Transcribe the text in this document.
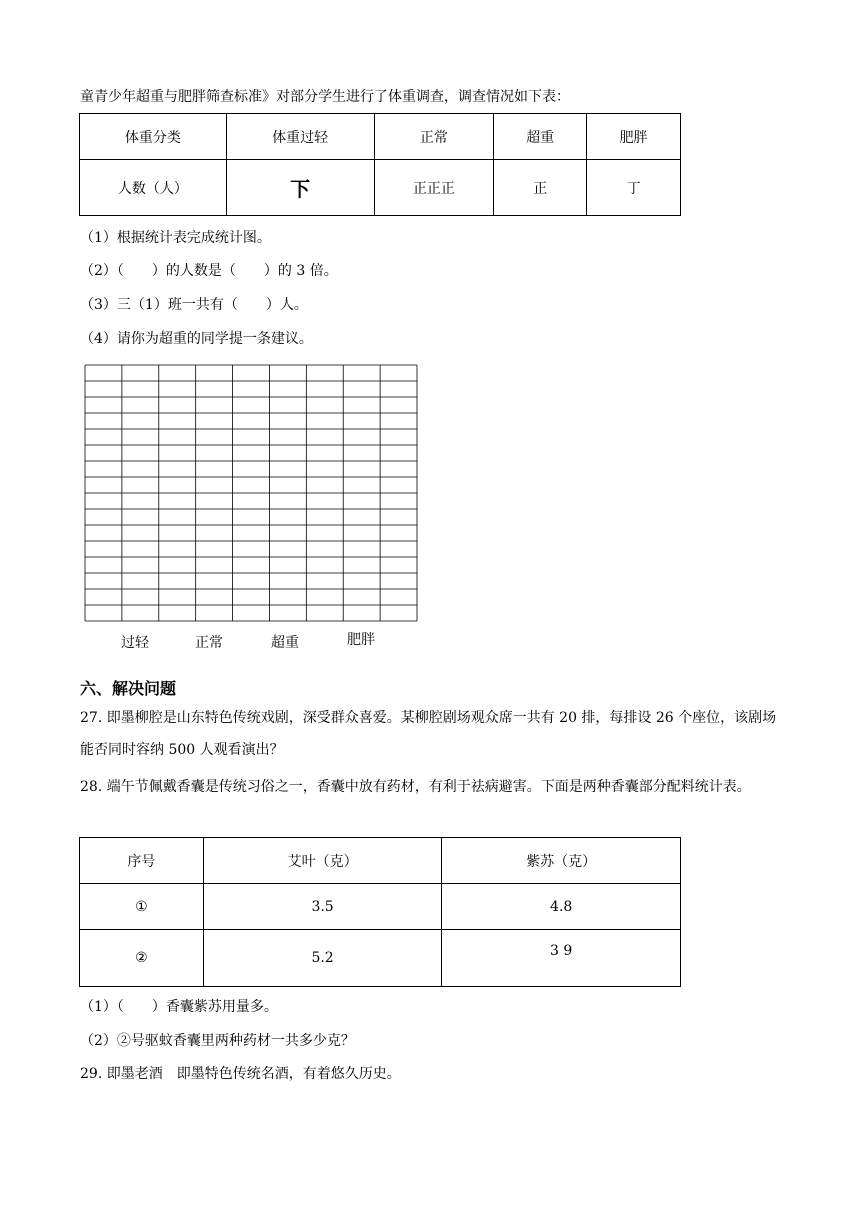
童青少年超重与肥胖筛查标准》对部分学生进行了体重调查，调查情况如下表：
体重分类	体重过轻	正常	超重	肥胖
人数（人）	下	正正正	正	丁
（1）根据统计表完成统计图。
（2）（　　）的人数是（　　）的 3 倍。
（3）三（1）班一共有（　　）人。
（4）请你为超重的同学提一条建议。
过轻	正常	超重	肥胖
六、解决问题
27. 即墨柳腔是山东特色传统戏剧，深受群众喜爱。某柳腔剧场观众席一共有 20 排，每排设 26 个座位，该剧场能否同时容纳 500 人观看演出？
28. 端午节佩戴香囊是传统习俗之一，香囊中放有药材，有利于祛病避害。下面是两种香囊部分配料统计表。
序号	艾叶（克）	紫苏（克）
①	3.5	4.8
②	5.2	3 9
（1）（　　）香囊紫苏用量多。
（2）②号驱蚊香囊里两种药材一共多少克？
29. 即墨老酒　即墨特色传统名酒，有着悠久历史。
